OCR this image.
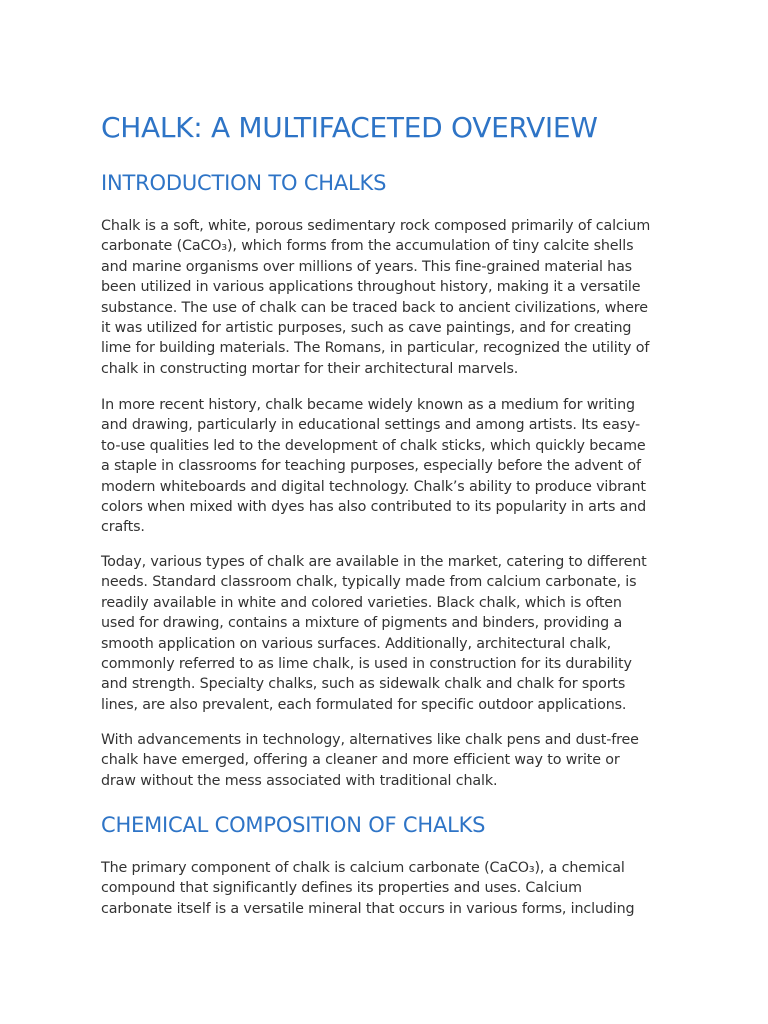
CHALK: A MULTIFACETED OVERVIEW
INTRODUCTION TO CHALKS

Chalk is a soft, white, porous sedimentary rock composed primarily of calcium
carbonate (CaCO₃), which forms from the accumulation of tiny calcite shells
and marine organisms over millions of years. This fine-grained material has
been utilized in various applications throughout history, making it a versatile
substance. The use of chalk can be traced back to ancient civilizations, where
it was utilized for artistic purposes, such as cave paintings, and for creating
lime for building materials. The Romans, in particular, recognized the utility of
chalk in constructing mortar for their architectural marvels.

In more recent history, chalk became widely known as a medium for writing
and drawing, particularly in educational settings and among artists. Its easy-
to-use qualities led to the development of chalk sticks, which quickly became
a staple in classrooms for teaching purposes, especially before the advent of
modern whiteboards and digital technology. Chalk’s ability to produce vibrant
colors when mixed with dyes has also contributed to its popularity in arts and
crafts.

Today, various types of chalk are available in the market, catering to different
needs. Standard classroom chalk, typically made from calcium carbonate, is
readily available in white and colored varieties. Black chalk, which is often
used for drawing, contains a mixture of pigments and binders, providing a
smooth application on various surfaces. Additionally, architectural chalk,
commonly referred to as lime chalk, is used in construction for its durability
and strength. Specialty chalks, such as sidewalk chalk and chalk for sports
lines, are also prevalent, each formulated for specific outdoor applications.

With advancements in technology, alternatives like chalk pens and dust-free
chalk have emerged, offering a cleaner and more efficient way to write or
draw without the mess associated with traditional chalk.

CHEMICAL COMPOSITION OF CHALKS

The primary component of chalk is calcium carbonate (CaCO₃), a chemical
compound that significantly defines its properties and uses. Calcium
carbonate itself is a versatile mineral that occurs in various forms, including
